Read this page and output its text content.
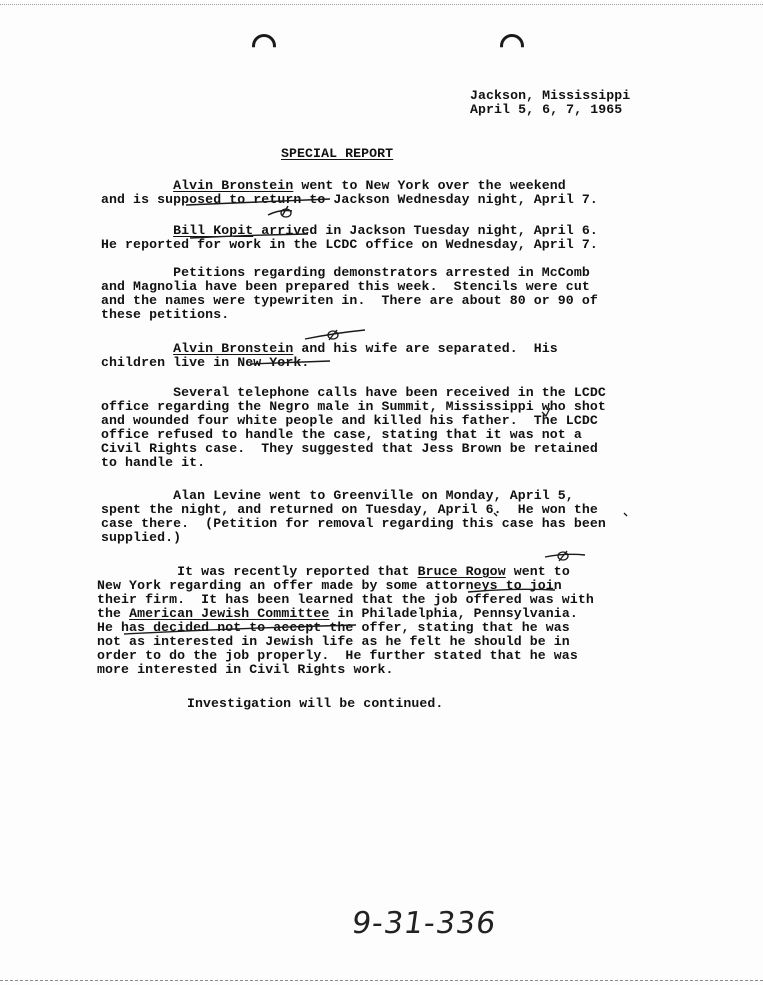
Jackson, Mississippi
April 5, 6, 7, 1965
SPECIAL REPORT
Alvin Bronstein went to New York over the weekend
and is supposed to return to Jackson Wednesday night, April 7.
Bill Kopit arrived in Jackson Tuesday night, April 6.
He reported for work in the LCDC office on Wednesday, April 7.
Petitions regarding demonstrators arrested in McComb
and Magnolia have been prepared this week.  Stencils were cut
and the names were typewriten in.  There are about 80 or 90 of
these petitions.
Alvin Bronstein and his wife are separated.  His
children live in New York.
Several telephone calls have been received in the LCDC
office regarding the Negro male in Summit, Mississippi who shot
and wounded four white people and killed his father.  The LCDC
office refused to handle the case, stating that it was not a
Civil Rights case.  They suggested that Jess Brown be retained
to handle it.
Alan Levine went to Greenville on Monday, April 5,
spent the night, and returned on Tuesday, April 6.  He won the
case there.  (Petition for removal regarding this case has been
supplied.)
It was recently reported that Bruce Rogow went to
New York regarding an offer made by some attorneys to join
their firm.  It has been learned that the job offered was with
the American Jewish Committee in Philadelphia, Pennsylvania.
He has decided not to accept the offer, stating that he was
not as interested in Jewish life as he felt he should be in
order to do the job properly.  He further stated that he was
more interested in Civil Rights work.
Investigation will be continued.
9-31-336
